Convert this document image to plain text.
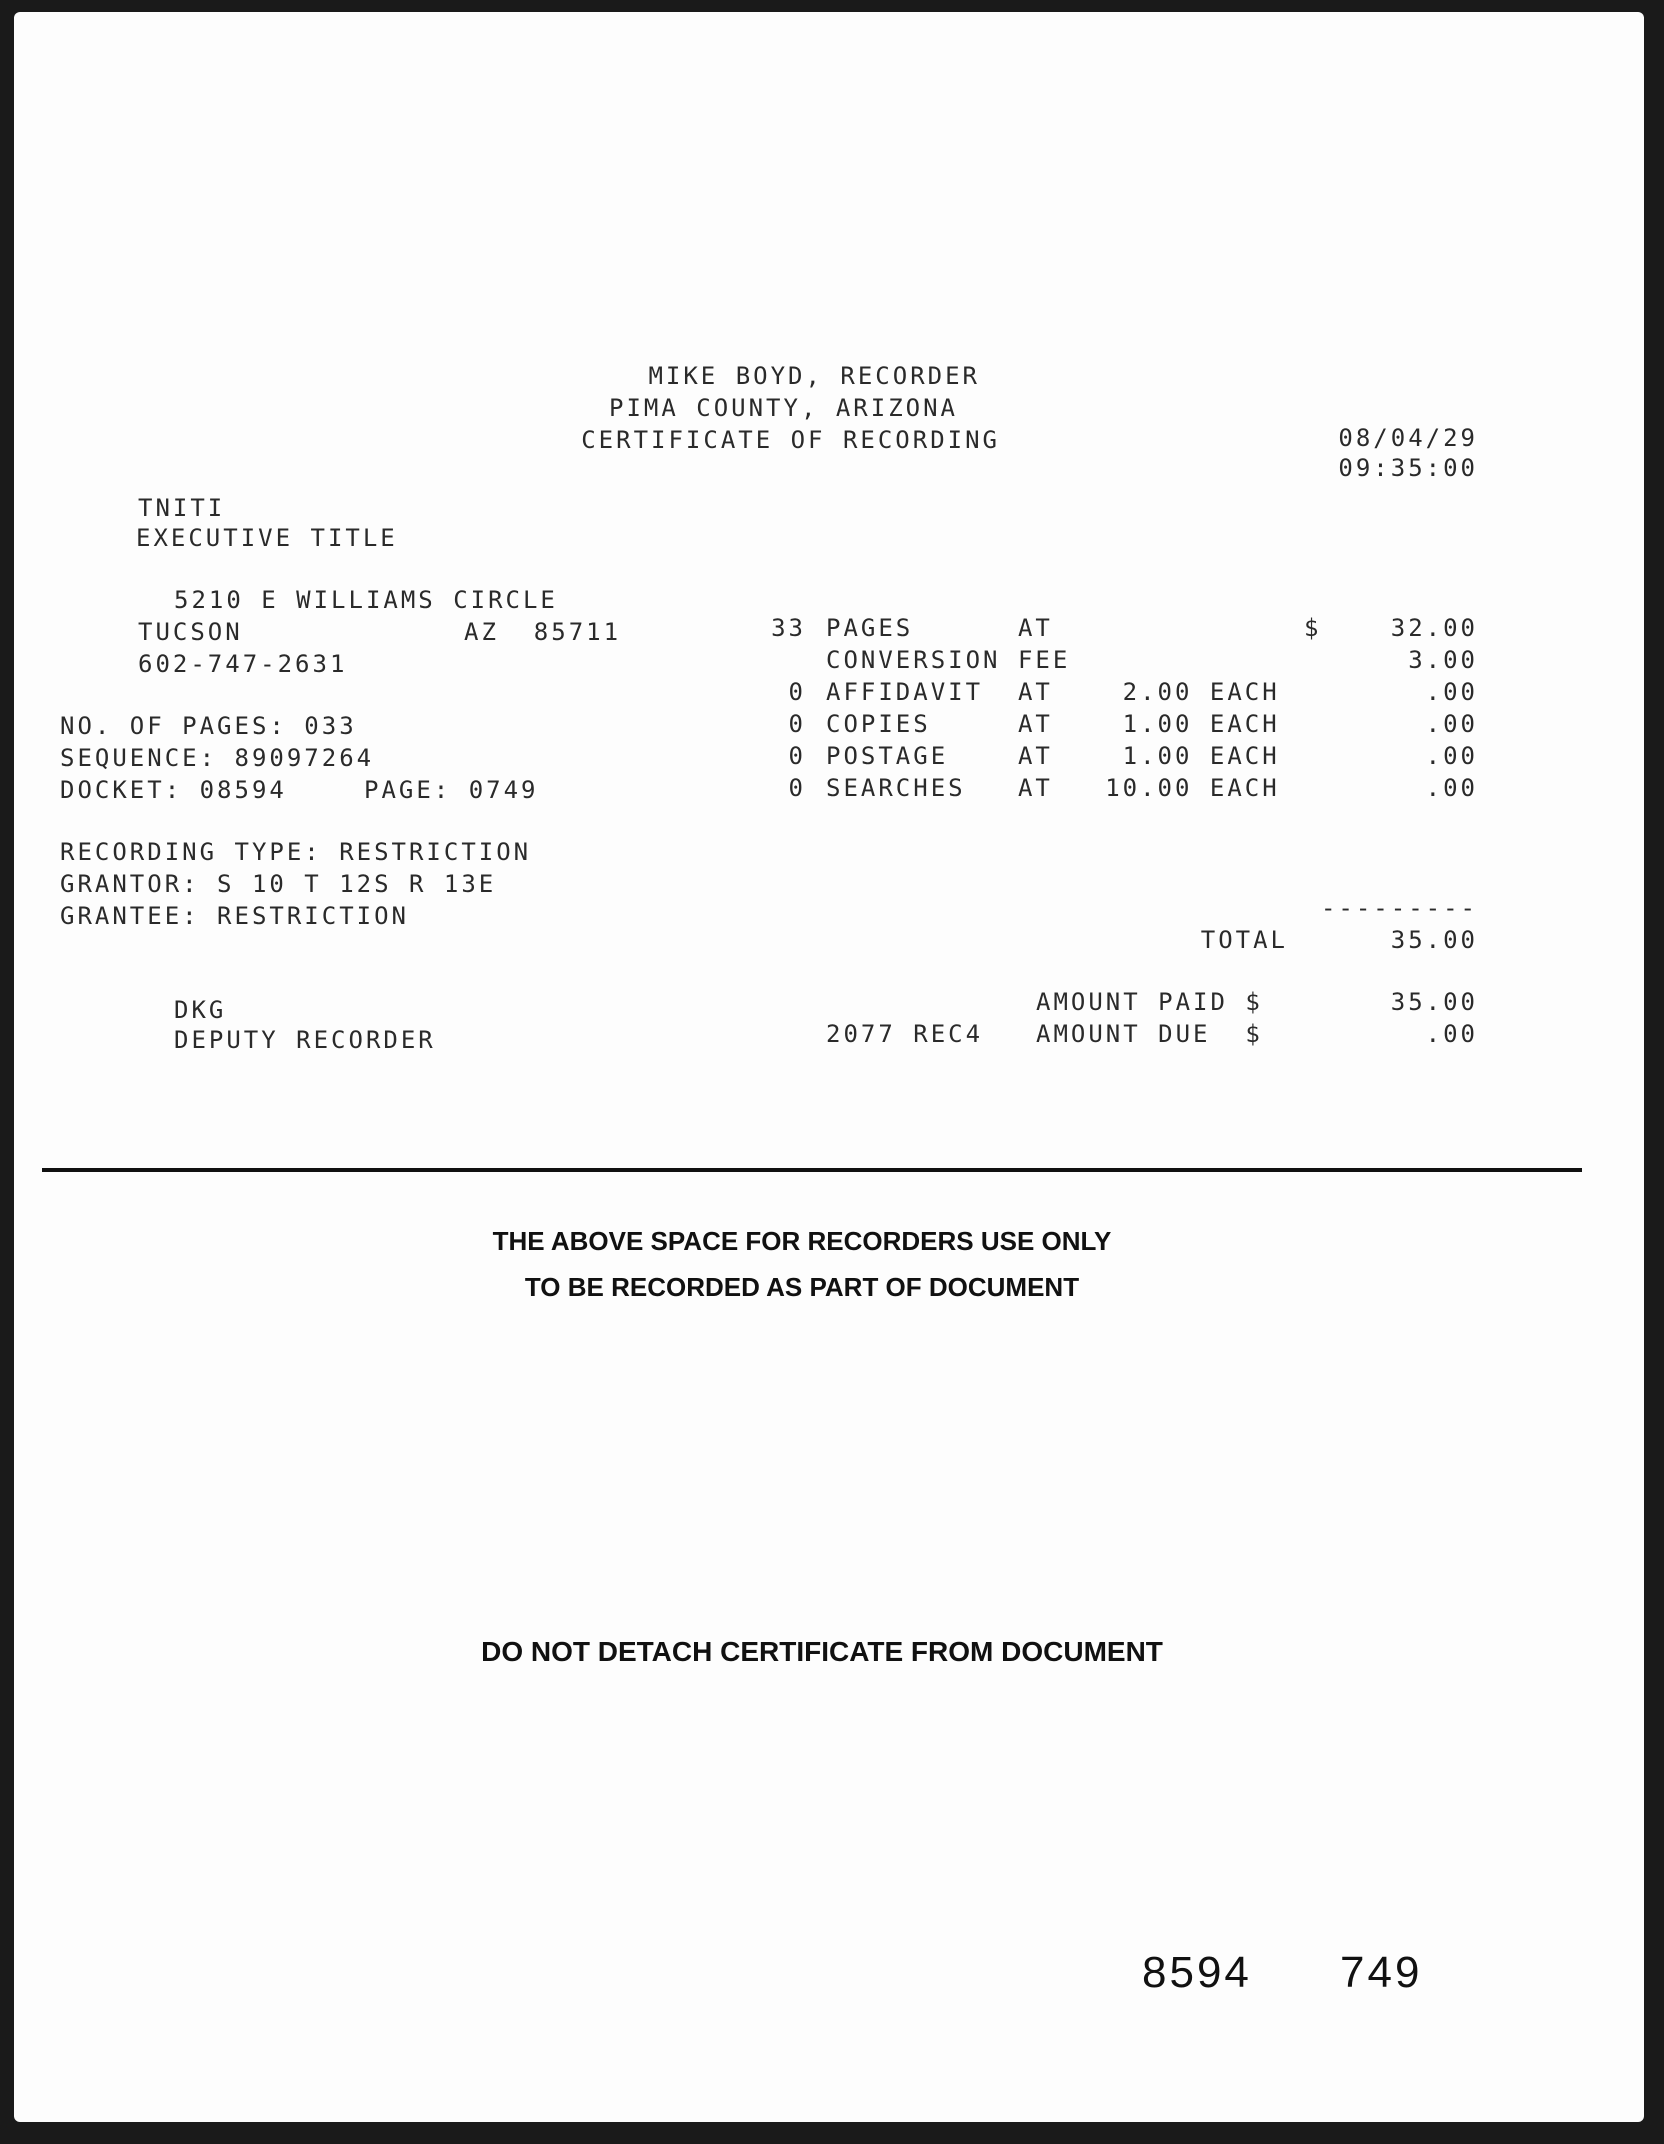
MIKE BOYD, RECORDER
PIMA COUNTY, ARIZONA
CERTIFICATE OF RECORDING	08/04/29
09:35:00
TNITI
EXECUTIVE TITLE
5210 E WILLIAMS CIRCLE
TUCSON	AZ  85711
602-747-2631
NO. OF PAGES: 033
SEQUENCE: 89097264
DOCKET: 08594	PAGE: 0749
RECORDING TYPE: RESTRICTION
GRANTOR: S 10 T 12S R 13E
GRANTEE: RESTRICTION
33 PAGES      AT	$	32.00
CONVERSION FEE	3.00
0 AFFIDAVIT  AT    2.00 EACH	.00
0 COPIES     AT    1.00 EACH	.00
0 POSTAGE    AT    1.00 EACH	.00
0 SEARCHES   AT   10.00 EACH	.00
---------
TOTAL	35.00
AMOUNT PAID $	35.00
2077 REC4 AMOUNT DUE  $	.00
DKG
DEPUTY RECORDER
THE ABOVE SPACE FOR RECORDERS USE ONLY
TO BE RECORDED AS PART OF DOCUMENT
DO NOT DETACH CERTIFICATE FROM DOCUMENT
8594 749
